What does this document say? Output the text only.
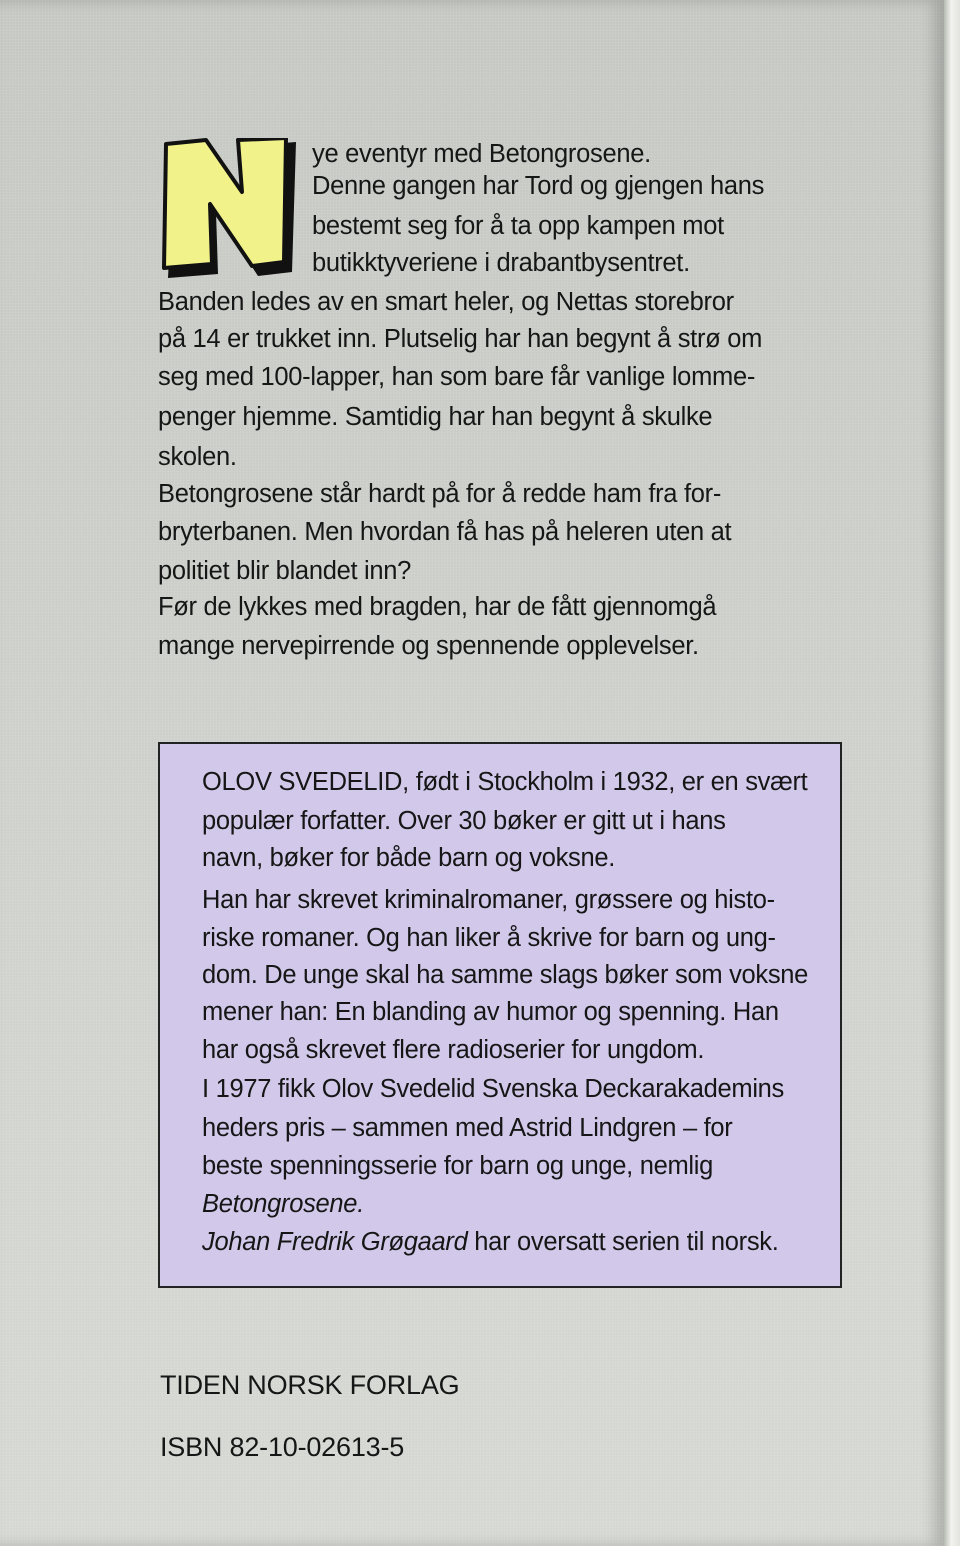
ye eventyr med Betongrosene.

Denne gangen har Tord og gjengen hans

bestemt seg for å ta opp kampen mot

butikktyveriene i drabantbysentret.

Banden ledes av en smart heler, og Nettas storebror

på 14 er trukket inn. Plutselig har han begynt å strø om

seg med 100-lapper, han som bare får vanlige lomme-

penger hjemme. Samtidig har han begynt å skulke

skolen.

Betongrosene står hardt på for å redde ham fra for-

bryterbanen. Men hvordan få has på heleren uten at

politiet blir blandet inn?

Før de lykkes med bragden, har de fått gjennomgå

mange nervepirrende og spennende opplevelser.

OLOV SVEDELID, født i Stockholm i 1932, er en svært

populær forfatter. Over 30 bøker er gitt ut i hans

navn, bøker for både barn og voksne.

Han har skrevet kriminalromaner, grøssere og histo-

riske romaner. Og han liker å skrive for barn og ung-

dom. De unge skal ha samme slags bøker som voksne

mener han: En blanding av humor og spenning. Han

har også skrevet flere radioserier for ungdom.

I 1977 fikk Olov Svedelid Svenska Deckarakademins

heders pris – sammen med Astrid Lindgren – for

beste spenningsserie for barn og unge, nemlig

Betongrosene.

Johan Fredrik Grøgaard har oversatt serien til norsk.

TIDEN NORSK FORLAG
ISBN 82-10-02613-5
